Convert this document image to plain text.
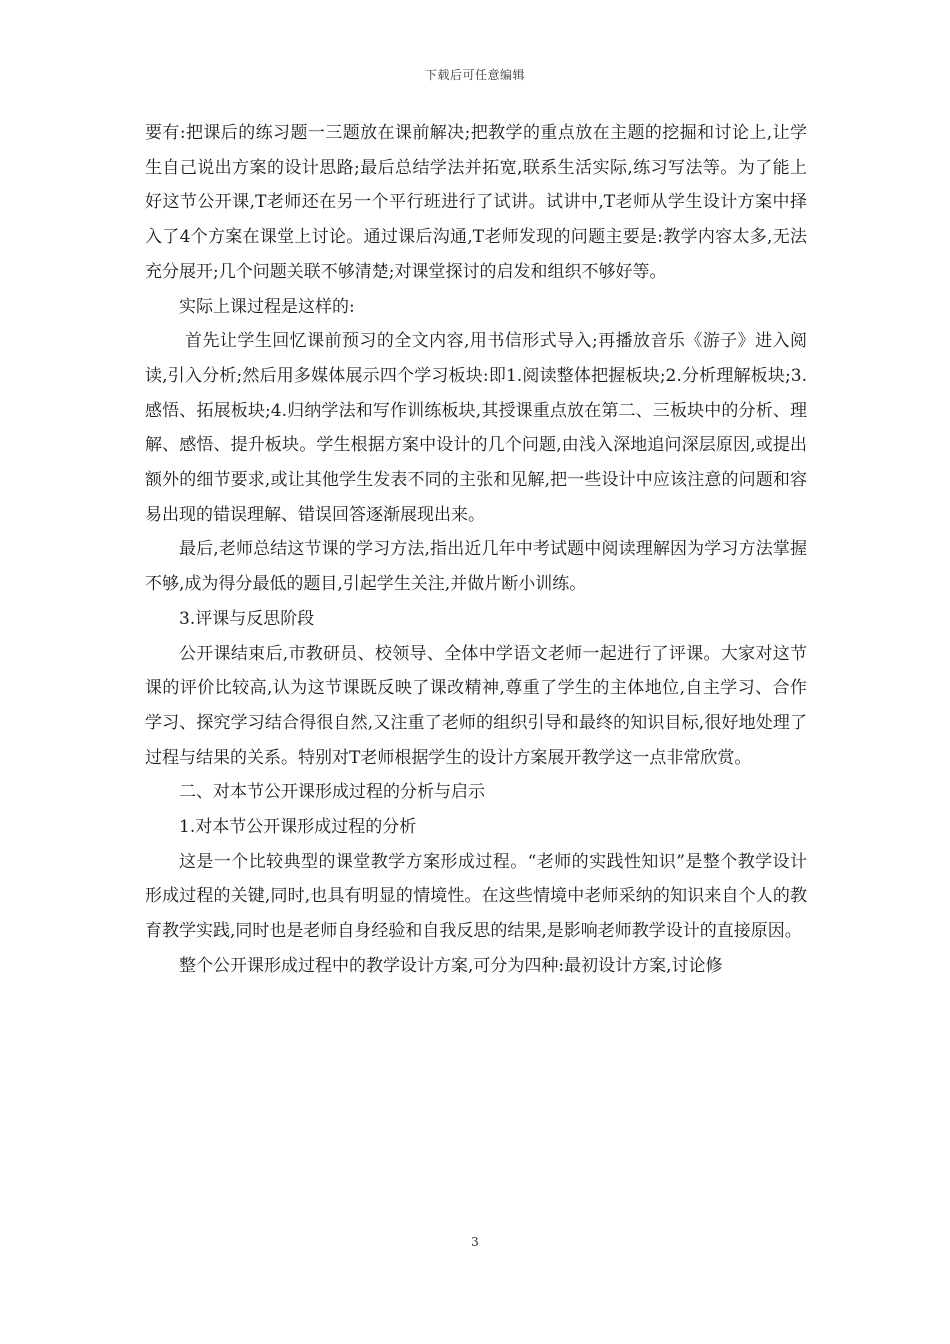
下载后可任意编辑

要有:把课后的练习题一三题放在课前解决;把教学的重点放在主题的挖掘和讨论上,让学生自己说出方案的设计思路;最后总结学法并拓宽,联系生活实际,练习写法等。为了能上好这节公开课,T老师还在另一个平行班进行了试讲。试讲中,T老师从学生设计方案中择入了4个方案在课堂上讨论。通过课后沟通,T老师发现的问题主要是:教学内容太多,无法充分展开;几个问题关联不够清楚;对课堂探讨的启发和组织不够好等。

实际上课过程是这样的:

首先让学生回忆课前预习的全文内容,用书信形式导入;再播放音乐《游子》进入阅读,引入分析;然后用多媒体展示四个学习板块:即1.阅读整体把握板块;2.分析理解板块;3.感悟、拓展板块;4.归纳学法和写作训练板块,其授课重点放在第二、三板块中的分析、理解、感悟、提升板块。学生根据方案中设计的几个问题,由浅入深地追问深层原因,或提出额外的细节要求,或让其他学生发表不同的主张和见解,把一些设计中应该注意的问题和容易出现的错误理解、错误回答逐渐展现出来。

最后,老师总结这节课的学习方法,指出近几年中考试题中阅读理解因为学习方法掌握不够,成为得分最低的题目,引起学生关注,并做片断小训练。

3.评课与反思阶段

公开课结束后,市教研员、校领导、全体中学语文老师一起进行了评课。大家对这节课的评价比较高,认为这节课既反映了课改精神,尊重了学生的主体地位,自主学习、合作学习、探究学习结合得很自然,又注重了老师的组织引导和最终的知识目标,很好地处理了过程与结果的关系。特别对T老师根据学生的设计方案展开教学这一点非常欣赏。

二、对本节公开课形成过程的分析与启示

1.对本节公开课形成过程的分析

这是一个比较典型的课堂教学方案形成过程。“老师的实践性知识”是整个教学设计形成过程的关键,同时,也具有明显的情境性。在这些情境中老师采纳的知识来自个人的教育教学实践,同时也是老师自身经验和自我反思的结果,是影响老师教学设计的直接原因。

整个公开课形成过程中的教学设计方案,可分为四种:最初设计方案,讨论修

3
